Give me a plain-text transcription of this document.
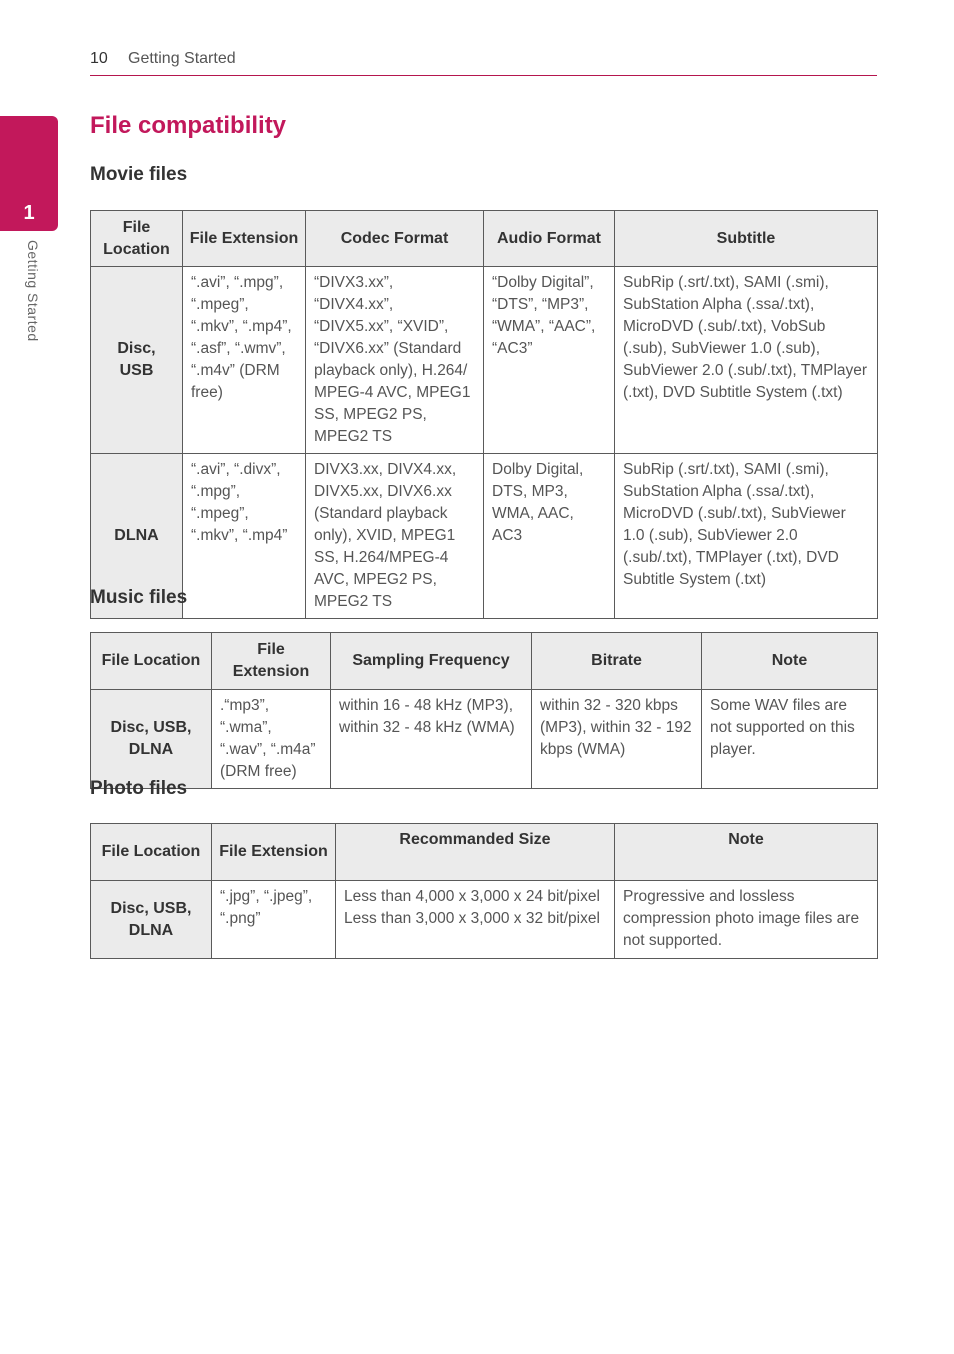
10 Getting Started
1
Getting Started
File compatibility
Movie files
File Location	File Extension	Codec Format	Audio Format	Subtitle
Disc, USB	“.avi”, “.mpg”, “.mpeg”, “.mkv”, “.mp4”, “.asf”, “.wmv”, “.m4v” (DRM free)	“DIVX3.xx”, “DIVX4.xx”, “DIVX5.xx”, “XVID”, “DIVX6.xx” (Standard playback only), H.264/ MPEG-4 AVC, MPEG1 SS, MPEG2 PS, MPEG2 TS	“Dolby Digital”, “DTS”, “MP3”, “WMA”, “AAC”, “AC3”	SubRip (.srt/.txt), SAMI (.smi), SubStation Alpha (.ssa/.txt), MicroDVD (.sub/.txt), VobSub (.sub), SubViewer 1.0 (.sub), SubViewer 2.0 (.sub/.txt), TMPlayer (.txt), DVD Subtitle System (.txt)
DLNA	“.avi”, “.divx”, “.mpg”, “.mpeg”, “.mkv”, “.mp4”	DIVX3.xx, DIVX4.xx, DIVX5.xx, DIVX6.xx (Standard playback only), XVID, MPEG1 SS, H.264/MPEG-4 AVC, MPEG2 PS, MPEG2 TS	Dolby Digital, DTS, MP3, WMA, AAC, AC3	SubRip (.srt/.txt), SAMI (.smi), SubStation Alpha (.ssa/.txt), MicroDVD (.sub/.txt), SubViewer 1.0 (.sub), SubViewer 2.0 (.sub/.txt), TMPlayer (.txt), DVD Subtitle System (.txt)
Music files
File Location	File Extension	Sampling Frequency	Bitrate	Note
Disc, USB, DLNA	.“mp3”, “.wma”, “.wav”, “.m4a” (DRM free)	within 16 - 48 kHz (MP3), within 32 - 48 kHz (WMA)	within 32 - 320 kbps (MP3), within 32 - 192 kbps (WMA)	Some WAV files are not supported on this player.
Photo files
File Location	File Extension	Recommanded Size	Note
Disc, USB, DLNA	“.jpg”, “.jpeg”, “.png”	Less than 4,000 x 3,000 x 24 bit/pixel Less than 3,000 x 3,000 x 32 bit/pixel	Progressive and lossless compression photo image files are not supported.
